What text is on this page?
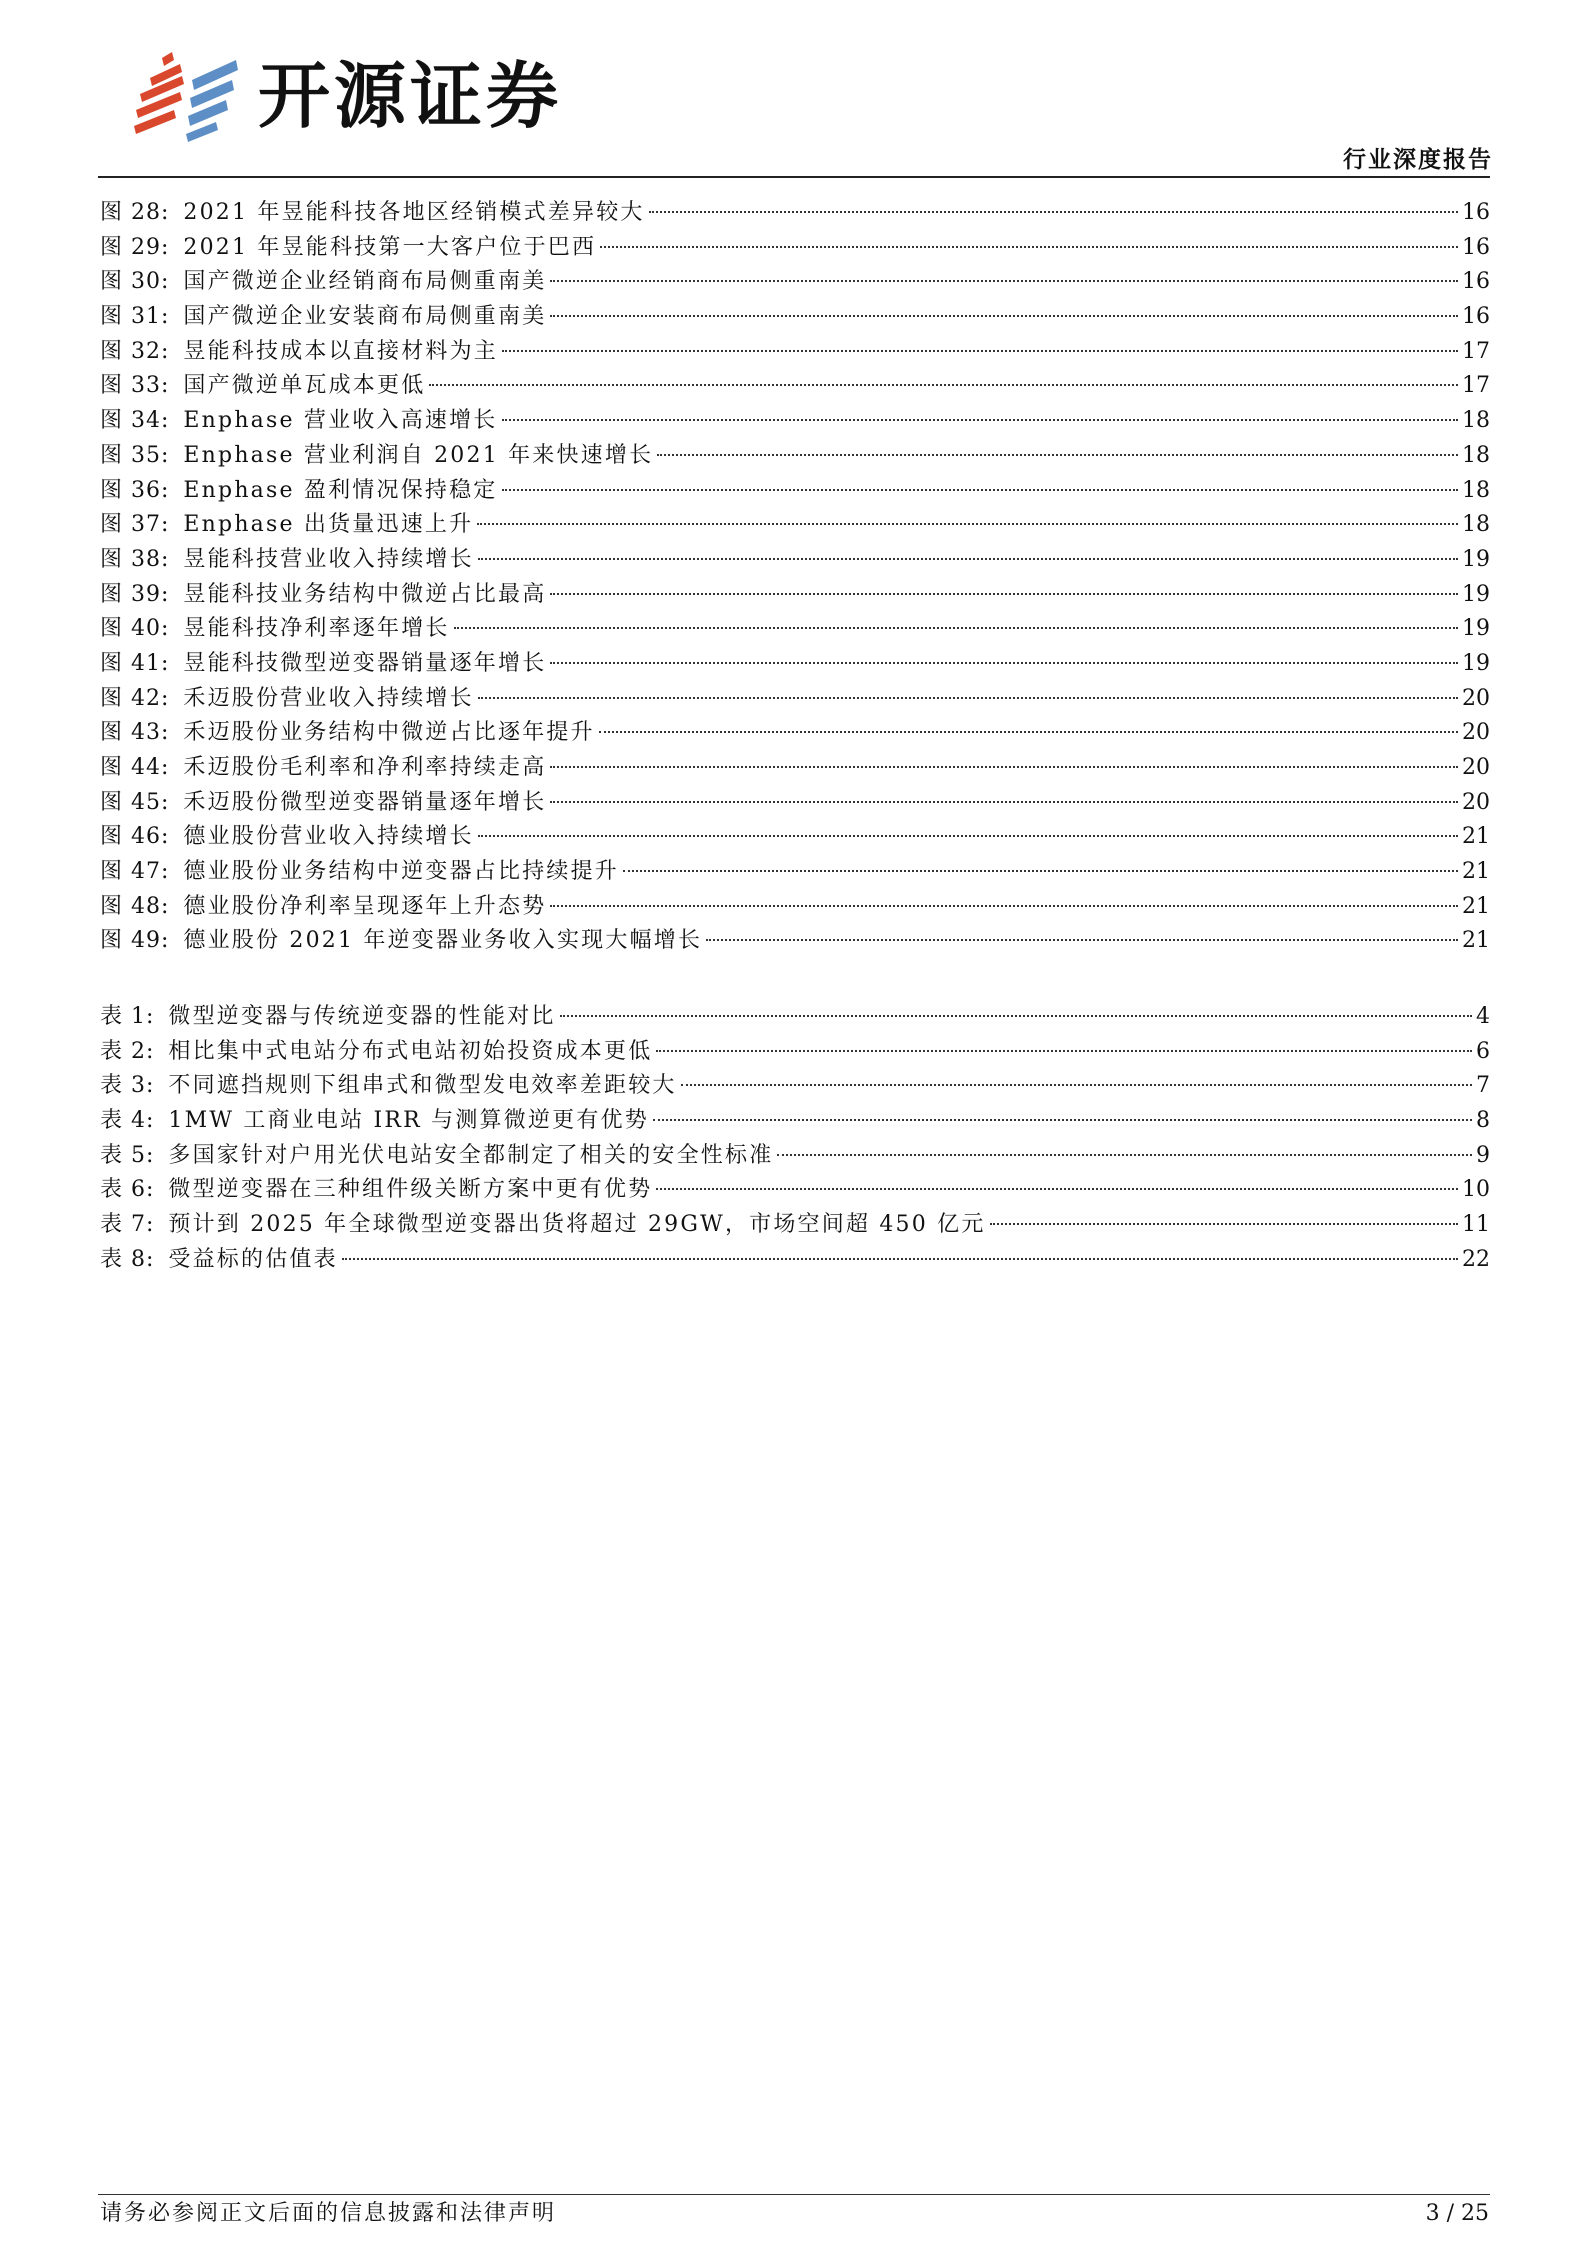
开源证券
行业深度报告
图 28: 2021 年昱能科技各地区经销模式差异较大	16
图 29: 2021 年昱能科技第一大客户位于巴西	16
图 30: 国产微逆企业经销商布局侧重南美	16
图 31: 国产微逆企业安装商布局侧重南美	16
图 32: 昱能科技成本以直接材料为主	17
图 33: 国产微逆单瓦成本更低	17
图 34: Enphase 营业收入高速增长	18
图 35: Enphase 营业利润自 2021 年来快速增长	18
图 36: Enphase 盈利情况保持稳定	18
图 37: Enphase 出货量迅速上升	18
图 38: 昱能科技营业收入持续增长	19
图 39: 昱能科技业务结构中微逆占比最高	19
图 40: 昱能科技净利率逐年增长	19
图 41: 昱能科技微型逆变器销量逐年增长	19
图 42: 禾迈股份营业收入持续增长	20
图 43: 禾迈股份业务结构中微逆占比逐年提升	20
图 44: 禾迈股份毛利率和净利率持续走高	20
图 45: 禾迈股份微型逆变器销量逐年增长	20
图 46: 德业股份营业收入持续增长	21
图 47: 德业股份业务结构中逆变器占比持续提升	21
图 48: 德业股份净利率呈现逐年上升态势	21
图 49: 德业股份 2021 年逆变器业务收入实现大幅增长	21
表 1: 微型逆变器与传统逆变器的性能对比	4
表 2: 相比集中式电站分布式电站初始投资成本更低	6
表 3: 不同遮挡规则下组串式和微型发电效率差距较大	7
表 4: 1MW 工商业电站 IRR 与测算微逆更有优势	8
表 5: 多国家针对户用光伏电站安全都制定了相关的安全性标准	9
表 6: 微型逆变器在三种组件级关断方案中更有优势	10
表 7: 预计到 2025 年全球微型逆变器出货将超过 29GW，市场空间超 450 亿元	11
表 8: 受益标的估值表	22
请务必参阅正文后面的信息披露和法律声明	3 / 25
